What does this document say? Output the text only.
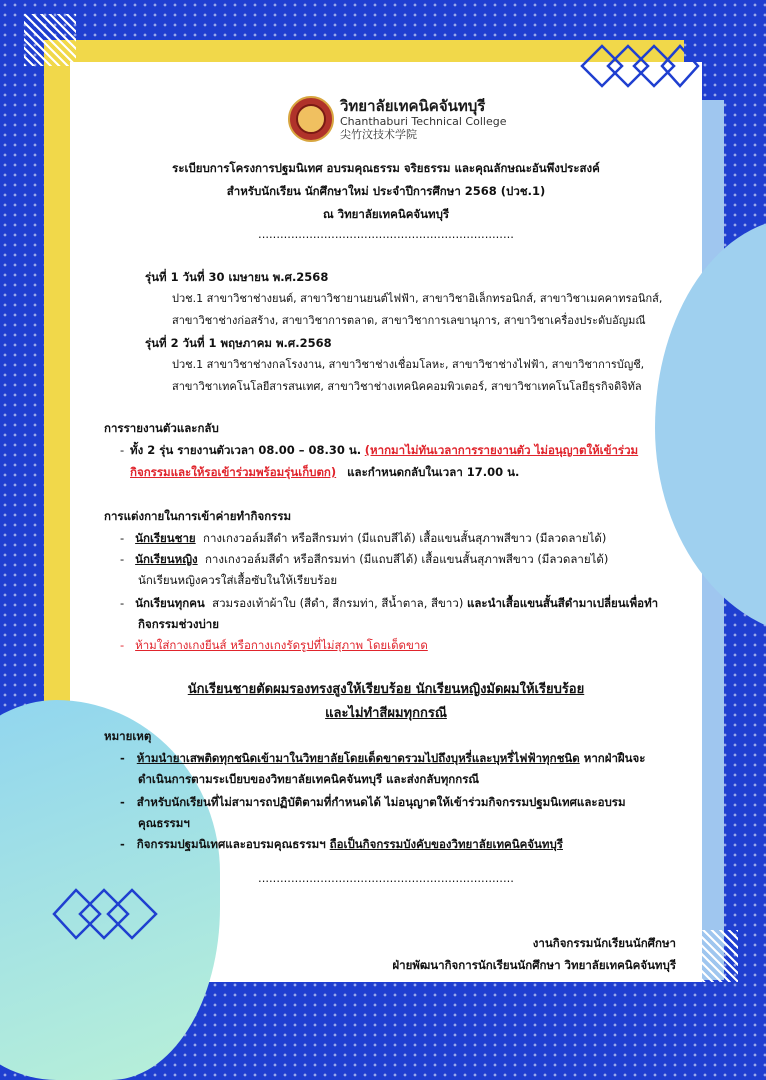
วิทยาลัยเทคนิคจันทบุรี
Chanthaburi Technical College
尖竹汶技术学院
ระเบียบการโครงการปฐมนิเทศ อบรมคุณธรรม จริยธรรม และคุณลักษณะอันพึงประสงค์
สำหรับนักเรียน นักศึกษาใหม่ ประจำปีการศึกษา 2568 (ปวช.1)
ณ วิทยาลัยเทคนิคจันทบุรี
......................................................................
รุ่นที่ 1 วันที่ 30 เมษายน พ.ศ.2568
ปวช.1 สาขาวิชาช่างยนต์, สาขาวิชายานยนต์ไฟฟ้า, สาขาวิชาอิเล็กทรอนิกส์, สาขาวิชาเมคคาทรอนิกส์,
สาขาวิชาช่างก่อสร้าง, สาขาวิชาการตลาด, สาขาวิชาการเลขานุการ, สาขาวิชาเครื่องประดับอัญมณี
รุ่นที่ 2 วันที่ 1 พฤษภาคม พ.ศ.2568
ปวช.1 สาขาวิชาช่างกลโรงงาน, สาขาวิชาช่างเชื่อมโลหะ, สาขาวิชาช่างไฟฟ้า, สาขาวิชาการบัญชี,
สาขาวิชาเทคโนโลยีสารสนเทศ, สาขาวิชาช่างเทคนิคคอมพิวเตอร์, สาขาวิชาเทคโนโลยีธุรกิจดิจิทัล
การรายงานตัวและกลับ
- ทั้ง 2 รุ่น รายงานตัวเวลา 08.00 – 08.30 น. (หากมาไม่ทันเวลาการรายงานตัว ไม่อนุญาตให้เข้าร่วม
กิจกรรมและให้รอเข้าร่วมพร้อมรุ่นเก็บตก) และกำหนดกลับในเวลา 17.00 น.
การแต่งกายในการเข้าค่ายทำกิจกรรม
-   นักเรียนชาย กางเกงวอล์มสีดำ หรือสีกรมท่า (มีแถบสีได้) เสื้อแขนสั้นสุภาพสีขาว (มีลวดลายได้)
-   นักเรียนหญิง กางเกงวอล์มสีดำ หรือสีกรมท่า (มีแถบสีได้) เสื้อแขนสั้นสุภาพสีขาว (มีลวดลายได้)
นักเรียนหญิงควรใส่เสื้อซับในให้เรียบร้อย
-   นักเรียนทุกคน สวมรองเท้าผ้าใบ (สีดำ, สีกรมท่า, สีน้ำตาล, สีขาว) และนำเสื้อแขนสั้นสีดำมาเปลี่ยนเพื่อทำ
กิจกรรมช่วงบ่าย
-   ห้ามใส่กางเกงยีนส์ หรือกางเกงรัดรูปที่ไม่สุภาพ โดยเด็ดขาด
นักเรียนชายตัดผมรองทรงสูงให้เรียบร้อย นักเรียนหญิงมัดผมให้เรียบร้อย
และไม่ทำสีผมทุกกรณี
หมายเหตุ
-   ห้ามนำยาเสพติดทุกชนิดเข้ามาในวิทยาลัยโดยเด็ดขาดรวมไปถึงบุหรี่และบุหรี่ไฟฟ้าทุกชนิด หากฝ่าฝืนจะ
ดำเนินการตามระเบียบของวิทยาลัยเทคนิคจันทบุรี และส่งกลับทุกกรณี
-   สำหรับนักเรียนที่ไม่สามารถปฏิบัติตามที่กำหนดได้ ไม่อนุญาตให้เข้าร่วมกิจกรรมปฐมนิเทศและอบรม
คุณธรรมฯ
-   กิจกรรมปฐมนิเทศและอบรมคุณธรรมฯ ถือเป็นกิจกรรมบังคับของวิทยาลัยเทคนิคจันทบุรี
......................................................................
งานกิจกรรมนักเรียนนักศึกษา
ฝ่ายพัฒนากิจการนักเรียนนักศึกษา วิทยาลัยเทคนิคจันทบุรี
